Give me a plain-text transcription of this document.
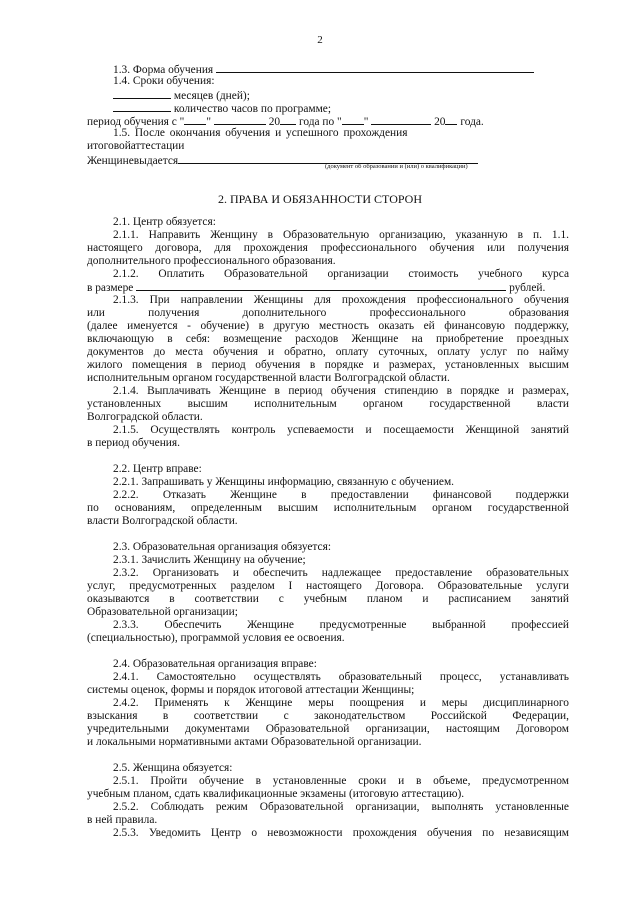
2
1.3. Форма обучения
1.4. Сроки обучения:
месяцев (дней);
количество часов по программе;
период обучения с " "	20 года по " "	20 года.
1.5. После окончания обучения и успешного прохождения
итоговойаттестации
Женщиневыдается	(документ об образовании и (или) о квалификации)
2. ПРАВА И ОБЯЗАННОСТИ СТОРОН
2.1. Центр обязуется:
2.1.1. Направить Женщину в Образовательную организацию, указанную в п. 1.1.
настоящего договора, для прохождения профессионального обучения или получения
дополнительного профессионального образования.
2.1.2. Оплатить Образовательной организации стоимость учебного курса
2.1.3. При направлении Женщины для прохождения профессионального обучения
или получения дополнительного профессионального образования
(далее именуется - обучение) в другую местность оказать ей финансовую поддержку,
включающую в себя: возмещение расходов Женщине на приобретение проездных
документов до места обучения и обратно, оплату суточных, оплату услуг по найму
жилого помещения в период обучения в порядке и размерах, установленных высшим
исполнительным органом государственной власти Волгоградской области.
2.1.4. Выплачивать Женщине в период обучения стипендию в порядке и размерах,
установленных высшим исполнительным органом государственной власти
Волгоградской области.
2.1.5. Осуществлять контроль успеваемости и посещаемости Женщиной занятий
в период обучения.
2.2. Центр вправе:
2.2.1. Запрашивать у Женщины информацию, связанную с обучением.
2.2.2. Отказать Женщине в предоставлении финансовой поддержки
по основаниям, определенным высшим исполнительным органом государственной
власти Волгоградской области.
2.3. Образовательная организация обязуется:
2.3.1. Зачислить Женщину на обучение;
2.3.2. Организовать и обеспечить надлежащее предоставление образовательных
услуг, предусмотренных разделом I настоящего Договора. Образовательные услуги
оказываются в соответствии с учебным планом и расписанием занятий
Образовательной организации;
2.3.3. Обеспечить Женщине предусмотренные выбранной профессией
(специальностью), программой условия ее освоения.
2.4. Образовательная организация вправе:
2.4.1. Самостоятельно осуществлять образовательный процесс, устанавливать
системы оценок, формы и порядок итоговой аттестации Женщины;
2.4.2. Применять к Женщине меры поощрения и меры дисциплинарного
взыскания в соответствии с законодательством Российской Федерации,
учредительными документами Образовательной организации, настоящим Договором
и локальными нормативными актами Образовательной организации.
2.5. Женщина обязуется:
2.5.1. Пройти обучение в установленные сроки и в объеме, предусмотренном
учебным планом, сдать квалификационные экзамены (итоговую аттестацию).
2.5.2. Соблюдать режим Образовательной организации, выполнять установленные
в ней правила.
2.5.3. Уведомить Центр о невозможности прохождения обучения по независящим
в размере	рублей.
